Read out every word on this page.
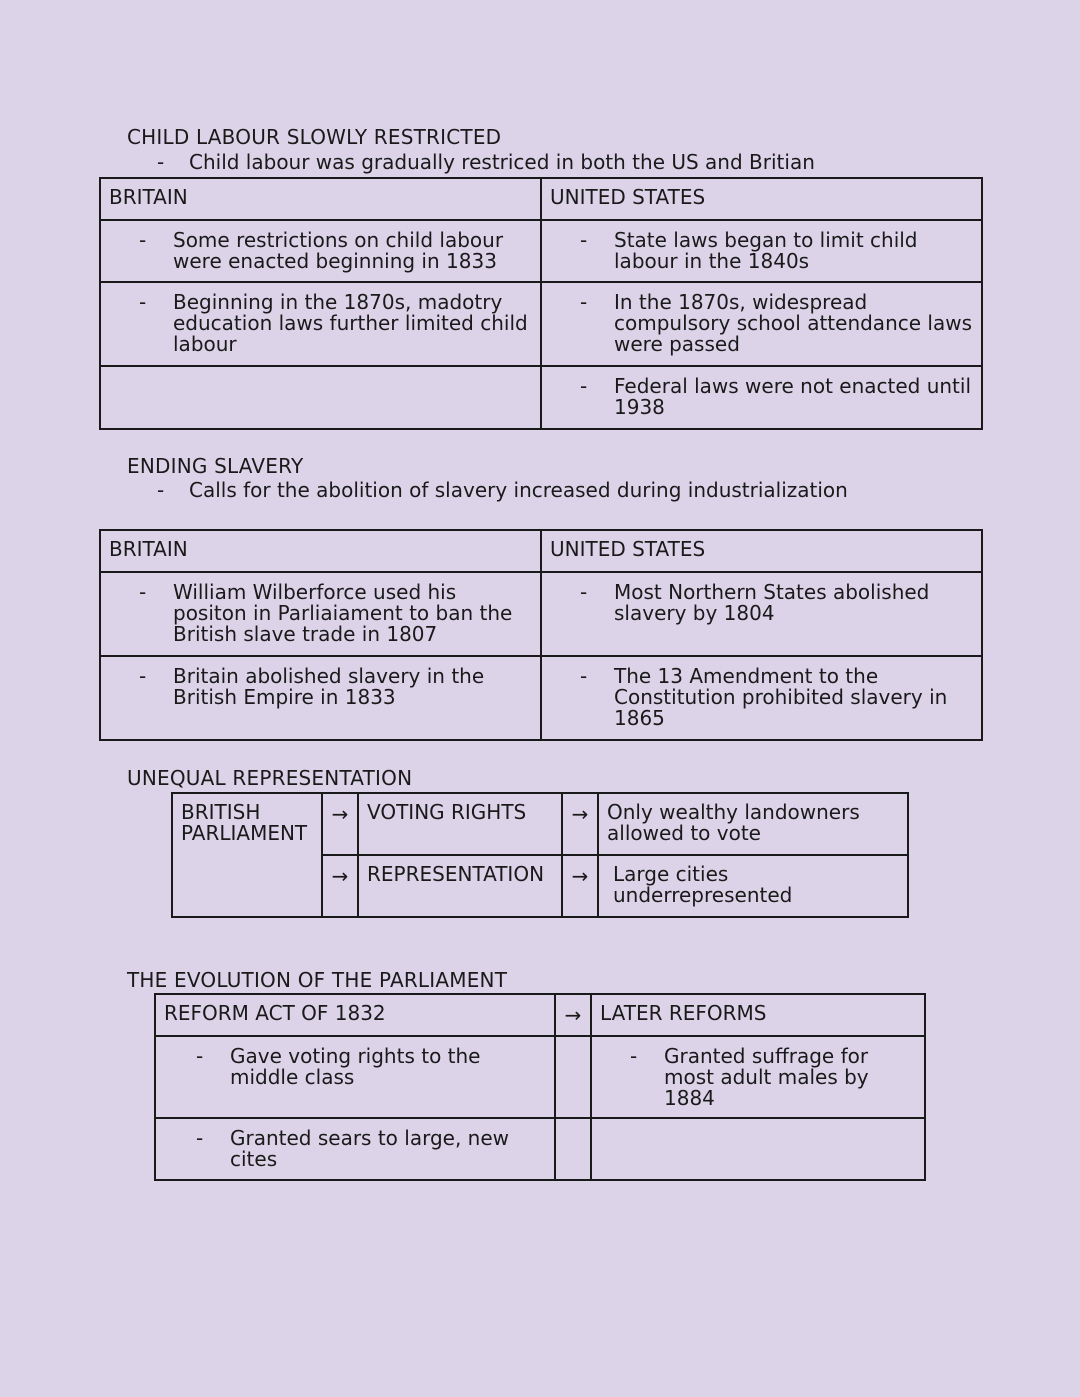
CHILD LABOUR SLOWLY RESTRICTED
- Child labour was gradually restriced in both the US and Britian
BRITAIN	UNITED STATES

- Some restrictions on child labour were enacted beginning in 1833	- State laws began to limit child labour in the 1840s

- Beginning in the 1870s, madotry education laws further limited child labour	- In the 1870s, widespread compulsory school attendance laws were passed

	- Federal laws were not enacted until 1938
ENDING SLAVERY
- Calls for the abolition of slavery increased during industrialization
BRITAIN	UNITED STATES

- William Wilberforce used his positon in Parliaiament to ban the British slave trade in 1807	- Most Northern States abolished slavery by 1804

- Britain abolished slavery in the British Empire in 1833	- The 13 Amendment to the Constitution prohibited slavery in 1865
UNEQUAL REPRESENTATION
BRITISH PARLIAMENT	→	VOTING RIGHTS	→	Only wealthy landowners allowed to vote
	→	REPRESENTATION	→	Large cities underrepresented
THE EVOLUTION OF THE PARLIAMENT
REFORM ACT OF 1832	→	LATER REFORMS

- Gave voting rights to the middle class		- Granted suffrage for most adult males by 1884

- Granted sears to large, new cites		
